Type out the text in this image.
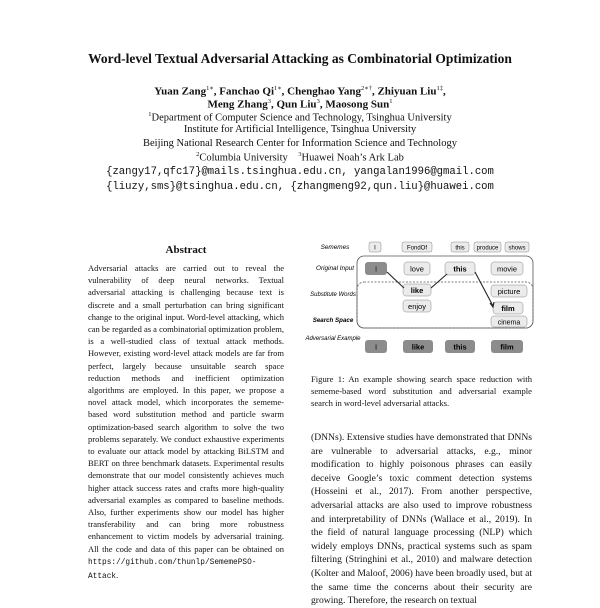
Word-level Textual Adversarial Attacking as Combinatorial Optimization
Yuan Zang$^{1∗}$, Fanchao $Qi^{1∗}$, Chenghao Yang$^{2∗\dagger}$, Zhiyuan Liu$^{1\ddagger}$,
Meng Zhang$^3$, Qun Liu$^3$, Maosong Sun$^1$
$^1$Department of Computer Science and Technology, Tsinghua University
Institute for Artificial Intelligence, Tsinghua University
Beijing National Research Center for Information Science and Technology
$^2$Columbia University $^3$Huawei Noah’s Ark Lab
{zangy17,qfc17}@mails.tsinghua.edu.cn, yangalan1996@gmail.com
{liuzy,sms}@tsinghua.edu.cn, {zhangmeng92,qun.liu}@huawei.com
Abstract
Adversarial attacks are carried out to reveal the vulnerability of deep neural networks. Textual adversarial attacking is challenging because text is discrete and a small perturbation can bring significant change to the original input. Word-level attacking, which can be regarded as a combinatorial optimization problem, is a well-studied class of textual attack methods. However, existing word-level attack models are far from perfect, largely because unsuitable search space reduction methods and inefficient optimization algorithms are employed. In this paper, we propose a novel attack model, which incorporates the sememe-based word substitution method and particle swarm optimization-based search algorithm to solve the two problems separately. We conduct exhaustive experiments to evaluate our attack model by attacking BiLSTM and BERT on three benchmark datasets. Experimental results demonstrate that our model consistently achieves much higher attack success rates and crafts more high-quality adversarial examples as compared to baseline methods. Also, further experiments show our model has higher transferability and can bring more robustness enhancement to victim models by adversarial training. All the code and data of this paper can be obtained on https://github.com/thunlp/SememePSO-Attack.
Sememes
Original Input
Substitute Words
Search Space
Adversarial Example
I	FondOf	this produce shows
I	love	this	movie
like
enjoy
picture
film
cinema
I	like	this	film
Figure 1: An example showing search space reduction with sememe-based word substitution and adversarial example search in word-level adversarial attacks.
(DNNs). Extensive studies have demonstrated that DNNs are vulnerable to adversarial attacks, e.g., minor modification to highly poisonous phrases can easily deceive Google’s toxic comment detection systems (Hosseini et al., 2017). From another perspective, adversarial attacks are also used to improve robustness and interpretability of DNNs (Wallace et al., 2019). In the field of natural language processing (NLP) which widely employs DNNs, practical systems such as spam filtering (Stringhini et al., 2010) and malware detection (Kolter and Maloof, 2006) have been broadly used, but at the same time the concerns about their security are growing. Therefore, the research on textual
